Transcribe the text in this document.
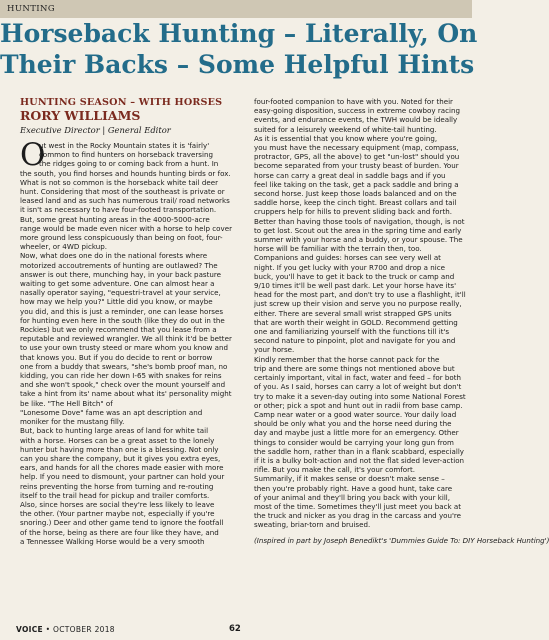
HUNTING
Horseback Hunting – Literally, On
Their Backs – Some Helpful Hints
HUNTING SEASON – WITH HORSES
RORY WILLIAMS
Executive Director | General Editor
O

ut west in the Rocky Mountain states it is 'fairly'

common to find hunters on horseback traversing

the ridges going to or coming back from a hunt. In

the south, you find horses and hounds hunting birds or fox.

What is not so common is the horseback white tail deer

hunt. Considering that most of the southeast is private or

leased land and as such has numerous trail/ road networks

it isn't as necessary to have four-footed transportation.

But, some great hunting areas in the 4000-5000-acre

range would be made even nicer with a horse to help cover

more ground less conspicuously than being on foot, four-

wheeler, or 4WD pickup.

Now, what does one do in the national forests where

motorized accoutrements of hunting are outlawed? The

answer is out there, munching hay, in your back pasture

waiting to get some adventure. One can almost hear a

nasally operator saying, "equestri-travel at your service,

how may we help you?" Little did you know, or maybe

you did, and this is just a reminder, one can lease horses

for hunting even here in the south (like they do out in the

Rockies) but we only recommend that you lease from a

reputable and reviewed wrangler. We all think it'd be better

to use your own trusty steed or mare whom you know and

that knows you. But if you do decide to rent or borrow

one from a buddy that swears, "she's bomb proof man, no

kidding, you can ride her down I-65 with snakes for reins

and she won't spook," check over the mount yourself and

take a hint from its' name about what its' personality might

be like. "The Hell Bitch" of

"Lonesome Dove" fame was an apt description and

moniker for the mustang filly.

But, back to hunting large areas of land for white tail

with a horse. Horses can be a great asset to the lonely

hunter but having more than one is a blessing. Not only

can you share the company, but it gives you extra eyes,

ears, and hands for all the chores made easier with more

help. If you need to dismount, your partner can hold your

reins preventing the horse from turning and re-routing

itself to the trail head for pickup and trailer comforts.

Also, since horses are social they're less likely to leave

the other. (Your partner maybe not, especially if you're

snoring.) Deer and other game tend to ignore the footfall

of the horse, being as there are four like they have, and

a Tennessee Walking Horse would be a very smooth

four-footed companion to have with you. Noted for their

easy-going disposition, success in extreme cowboy racing

events, and endurance events, the TWH would be ideally

suited for a leisurely weekend of white-tail hunting.

As it is essential that you know where you're going,

you must have the necessary equipment (map, compass,

protractor, GPS, all the above) to get "un-lost" should you

become separated from your trusty beast of burden. Your

horse can carry a great deal in saddle bags and if you

feel like taking on the task, get a pack saddle and bring a

second horse. Just keep those loads balanced and on the

saddle horse, keep the cinch tight. Breast collars and tail

cruppers help for hills to prevent sliding back and forth.

Better than having those tools of navigation, though, is not

to get lost. Scout out the area in the spring time and early

summer with your horse and a buddy, or your spouse. The

horse will be familiar with the terrain then, too.

Companions and guides: horses can see very well at

night. If you get lucky with your R700 and drop a nice

buck, you'll have to get it back to the truck or camp and

9/10 times it'll be well past dark. Let your horse have its'

head for the most part, and don't try to use a flashlight, it'll

just screw up their vision and serve you no purpose really,

either. There are several small wrist strapped GPS units

that are worth their weight in GOLD. Recommend getting

one and familiarizing yourself with the functions till it's

second nature to pinpoint, plot and navigate for you and

your horse.

Kindly remember that the horse cannot pack for the

trip and there are some things not mentioned above but

certainly important, vital in fact, water and feed – for both

of you. As I said, horses can carry a lot of weight but don't

try to make it a seven-day outing into some National Forest

or other; pick a spot and hunt out in radii from base camp.

Camp near water or a good water source. Your daily load

should be only what you and the horse need during the

day and maybe just a little more for an emergency. Other

things to consider would be carrying your long gun from

the saddle horn, rather than in a flank scabbard, especially

if it is a bulky bolt-action and not the flat sided lever-action

rifle. But you make the call, it's your comfort.

Summarily, if it makes sense or doesn't make sense –

then you're probably right. Have a good hunt, take care

of your animal and they'll bring you back with your kill,

most of the time. Sometimes they'll just meet you back at

the truck and nicker as you drag in the carcass and you're

sweating, briar-torn and bruised.

(Inspired in part by Joseph Benedikt's 'Dummies Guide To: DIY Horseback Hunting')

VOICE • OCTOBER 2018	62
